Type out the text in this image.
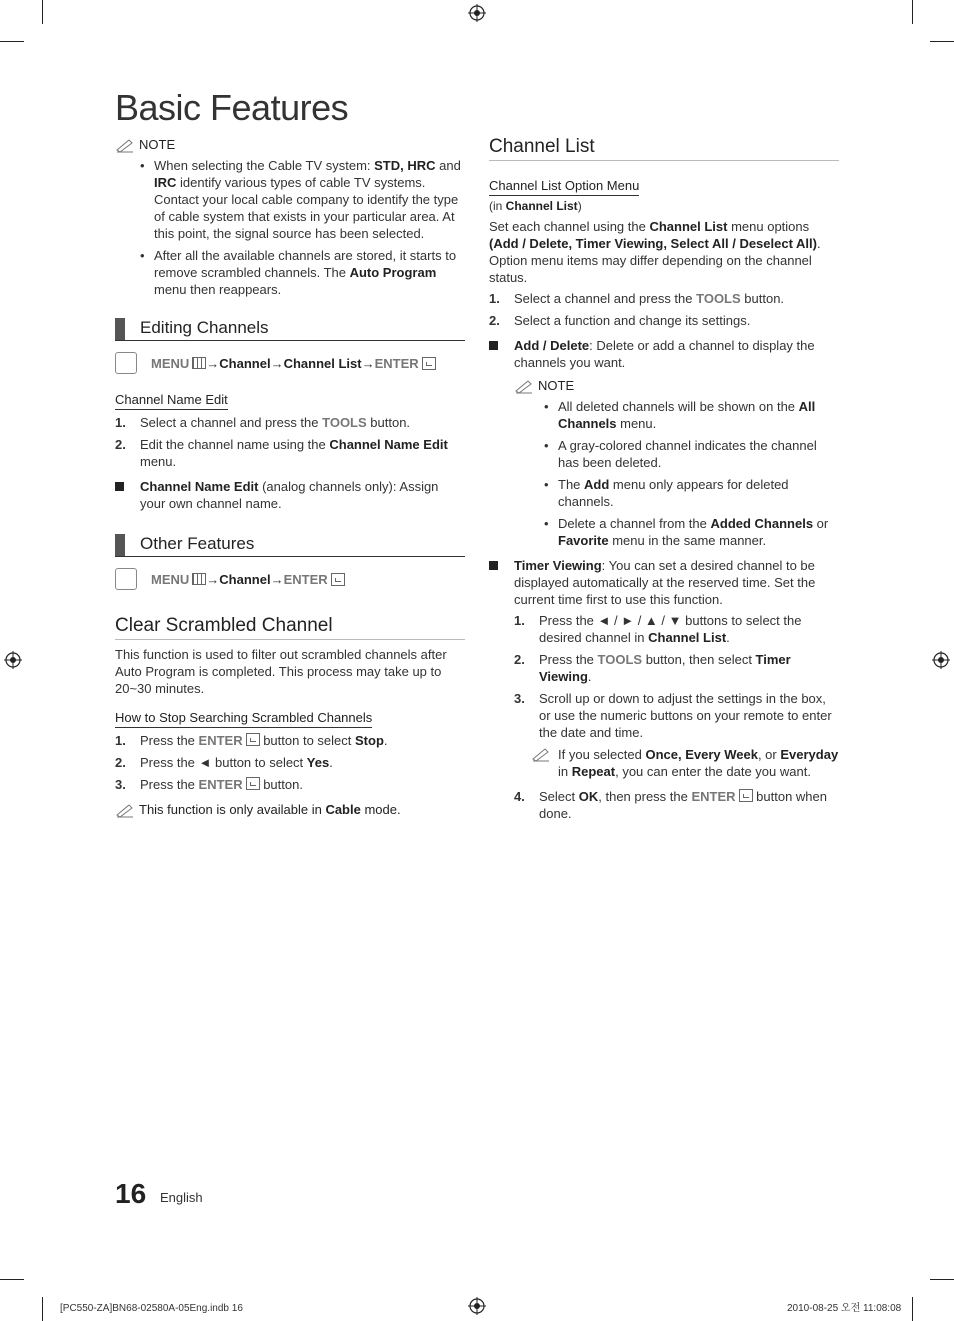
Basic Features
NOTE
• When selecting the Cable TV system: STD, HRC and IRC identify various types of cable TV systems. Contact your local cable company to identify the type of cable system that exists in your particular area. At this point, the signal source has been selected.
• After all the available channels are stored, it starts to remove scrambled channels. The Auto Program menu then reappears.
Editing Channels
MENU → Channel → Channel List → ENTER
Channel Name Edit
1. Select a channel and press the TOOLS button.
2. Edit the channel name using the Channel Name Edit menu.
Channel Name Edit (analog channels only): Assign your own channel name.
Other Features
MENU → Channel → ENTER
Clear Scrambled Channel
This function is used to filter out scrambled channels after Auto Program is completed. This process may take up to 20~30 minutes.
How to Stop Searching Scrambled Channels
1. Press the ENTER button to select Stop.
2. Press the ◄ button to select Yes.
3. Press the ENTER button.
This function is only available in Cable mode.
Channel List
Channel List Option Menu
(in Channel List)
Set each channel using the Channel List menu options (Add / Delete, Timer Viewing, Select All / Deselect All). Option menu items may differ depending on the channel status.
1. Select a channel and press the TOOLS button.
2. Select a function and change its settings.
Add / Delete: Delete or add a channel to display the channels you want.
NOTE
• All deleted channels will be shown on the All Channels menu.
• A gray-colored channel indicates the channel has been deleted.
• The Add menu only appears for deleted channels.
• Delete a channel from the Added Channels or Favorite menu in the same manner.
Timer Viewing: You can set a desired channel to be displayed automatically at the reserved time. Set the current time first to use this function.
1. Press the ◄ / ► / ▲ / ▼ buttons to select the desired channel in Channel List.
2. Press the TOOLS button, then select Timer Viewing.
3. Scroll up or down to adjust the settings in the box, or use the numeric buttons on your remote to enter the date and time.
If you selected Once, Every Week, or Everyday in Repeat, you can enter the date you want.
4. Select OK, then press the ENTER button when done.
16 English
[PC550-ZA]BN68-02580A-05Eng.indb 16	2010-08-25 오전 11:08:08
